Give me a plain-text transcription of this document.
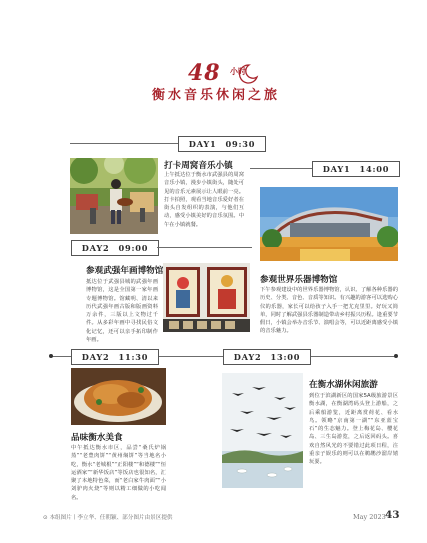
48 小时
衡水音乐休闲之旅
DAY1　09:30
打卡周窝音乐小镇
上午抵达位于衡水市武强县的周窝音乐小镇，漫步小镇街头，随处可见的音乐元素展示让人眼前一亮。打卡拍照，观看当地音乐爱好者在街头自发组织的表演，与他们互动，感受小镇美好的音乐氛围。中午在小镇就餐。
DAY1　14:00
参观世界乐器博物馆
下午参观建设中的世界乐器博物馆，认识、了解各种乐器的历史、分类、音色、音质等知识。有兴趣的游客可以选购心仪的乐器，家长可以给孩子入手一把尤克里里。好玩又简单，同时了解武强县乐器制造带动乡村振兴历程。逢重要节假日，小镇会举办音乐节、演唱会等，可以近距离感受小镇的音乐魅力。
DAY2　09:00
参观武强年画博物馆
抵达位于武强县城的武强年画博物馆，这是全国第一家年画专题博物馆。馆藏明、清以来历代武强年画古版和版画资料万余件，三版以上文物过千件。从多彩年画中寻找民俗文化记忆，还可以亲手拓印制作年画。
DAY2　11:30	DAY2　13:00
品味衡水美食
中午抵达衡水市区，品尝“桑氏炉锅蒸”“老豊肉饼”“黄州焖饼”等当地名小吃，衡水“老城根”“正阳楼”“和德楼”“恒运酒家”“新华饭店”等饭店也很知名，汇聚了本地特色菜，而“老白家牛肉面”“小刘驴肉火烧”等则以精工细做的小吃闻名。
在衡水湖休闲旅游
到位于滨湖新区的国家5A级旅游景区衡水湖，在衡湖湾码头登上游船，之后乘船游览，近距离赏荷花、看水鸟。领略“京南第一湖”“东亚蓝宝石”的生态魅力。登上梅花岛、樱花岛、三生岛游览，之后返回码头。喜欢自然风光的不要错过此项日程，注重亲子娱乐的则可以在鹈鹕沙溜岸嬉玩耍。
⊙ 本组图片丨李立华、任朝颖、部分图片由景区提供	May 2023 43
